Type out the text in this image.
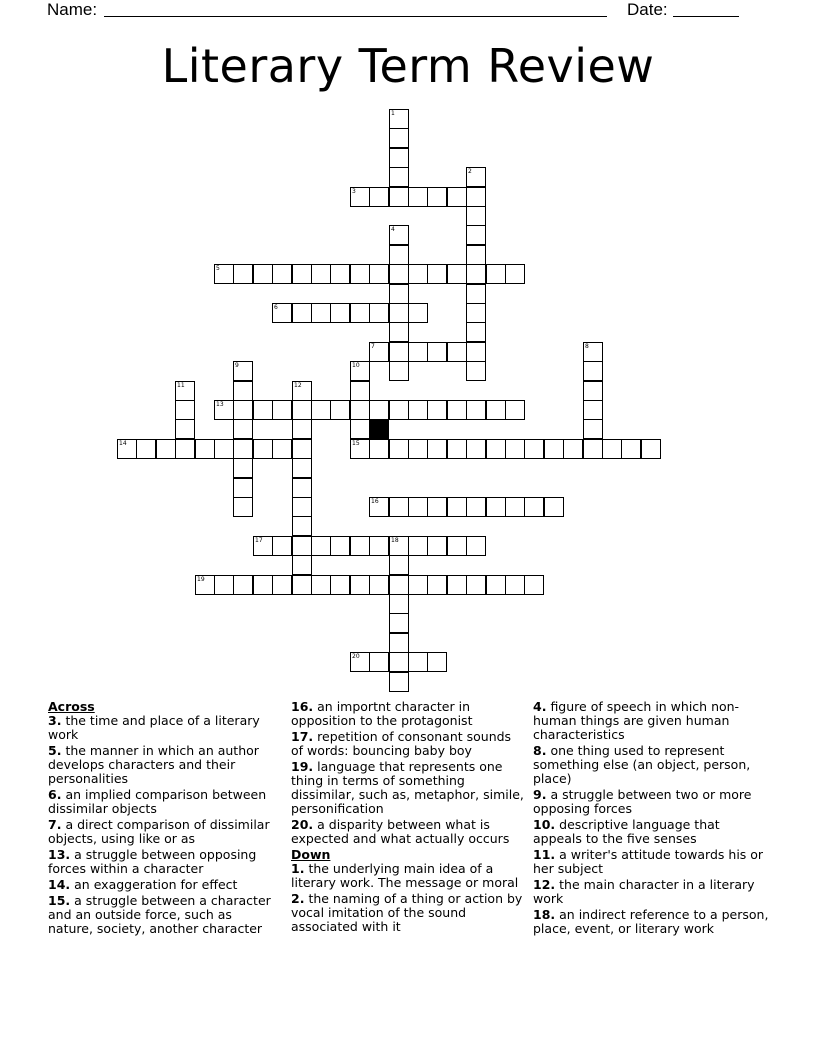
Name:	Date:
Literary Term Review
1
2
3
4
5
6
7	8
9	10
11	12
13
14	15
16
17	18
19
20
Across
3. the time and place of a literary work
5. the manner in which an author develops characters and their personalities
6. an implied comparison between dissimilar objects
7. a direct comparison of dissimilar objects, using like or as
13. a struggle between opposing forces within a character
14. an exaggeration for effect
15. a struggle between a character and an outside force, such as nature, society, another character
16. an importnt character in opposition to the protagonist
17. repetition of consonant sounds of words: bouncing baby boy
19. language that represents one thing in terms of something dissimilar, such as, metaphor, simile, personification
20. a disparity between what is expected and what actually occurs
Down
1. the underlying main idea of a literary work. The message or moral
2. the naming of a thing or action by vocal imitation of the sound associated with it
4. figure of speech in which non-human things are given human characteristics
8. one thing used to represent something else (an object, person, place)
9. a struggle between two or more opposing forces
10. descriptive language that appeals to the five senses
11. a writer's attitude towards his or her subject
12. the main character in a literary work
18. an indirect reference to a person, place, event, or literary work
